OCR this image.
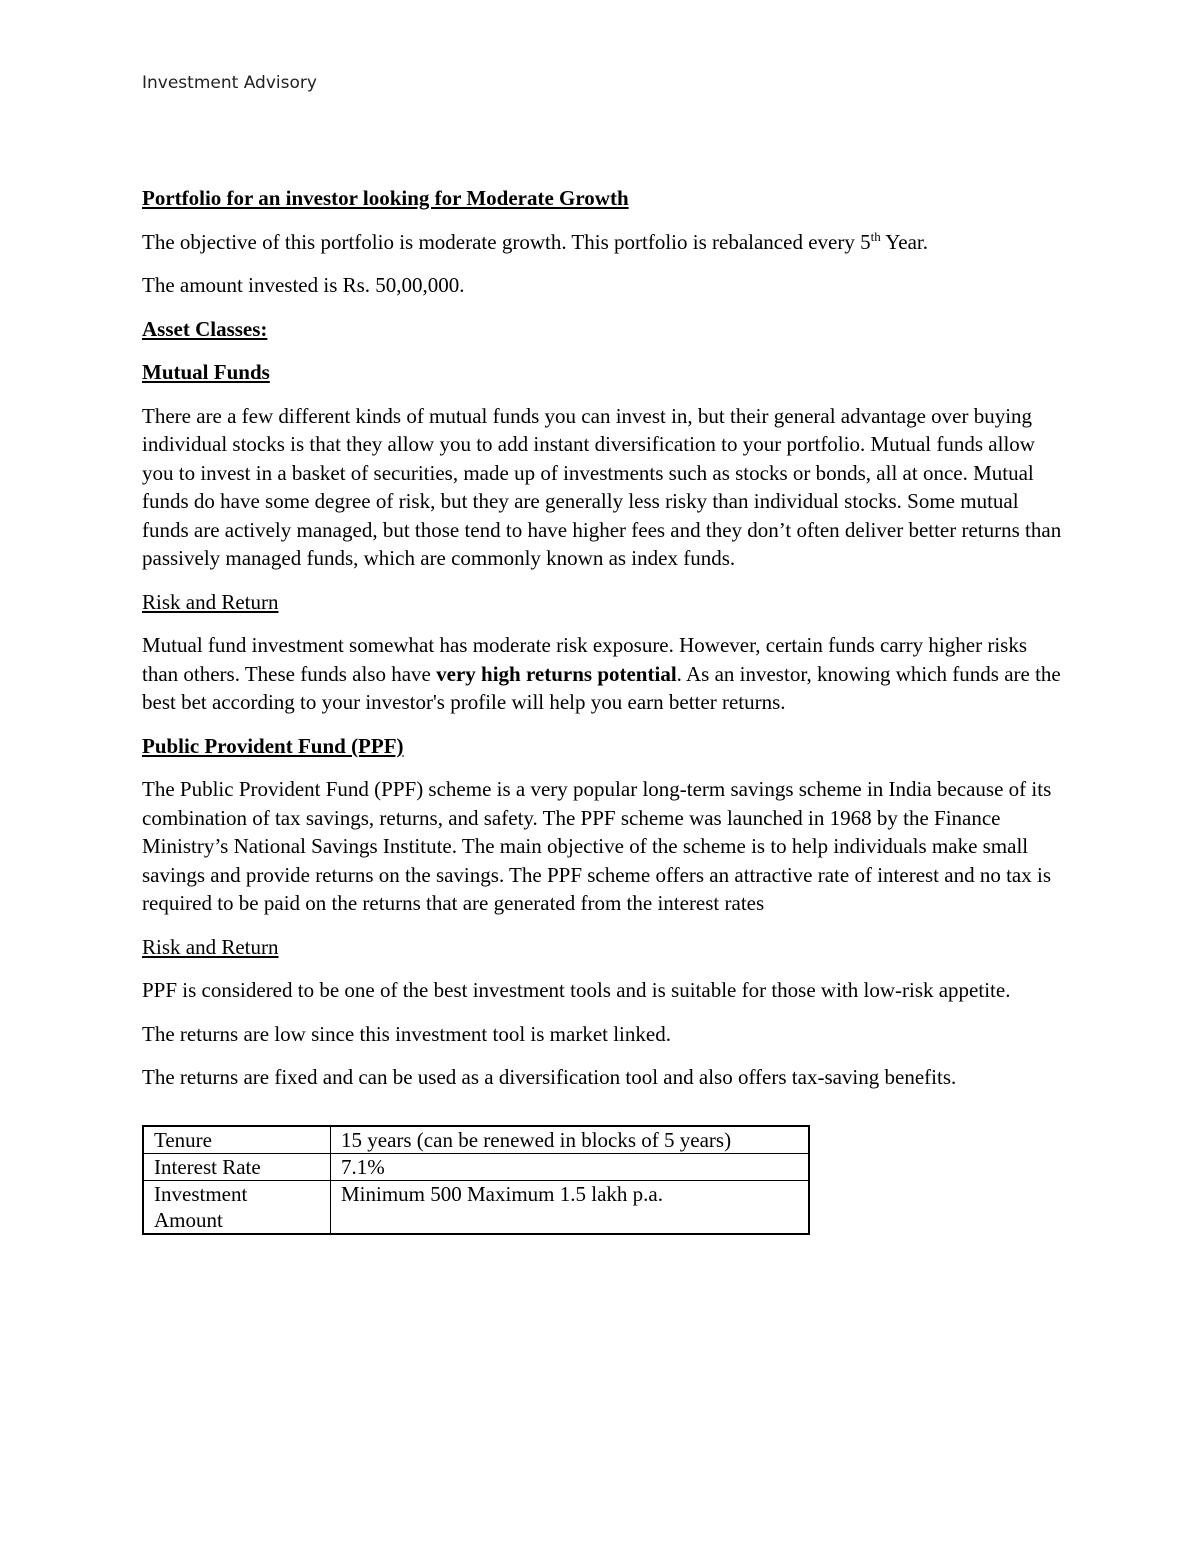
Investment Advisory

Portfolio for an investor looking for Moderate Growth

The objective of this portfolio is moderate growth. This portfolio is rebalanced every 5th Year.

The amount invested is Rs. 50,00,000.

Asset Classes:

Mutual Funds

There are a few different kinds of mutual funds you can invest in, but their general advantage over buying individual stocks is that they allow you to add instant diversification to your portfolio. Mutual funds allow you to invest in a basket of securities, made up of investments such as stocks or bonds, all at once. Mutual funds do have some degree of risk, but they are generally less risky than individual stocks. Some mutual funds are actively managed, but those tend to have higher fees and they don’t often deliver better returns than passively managed funds, which are commonly known as index funds.

Risk and Return

Mutual fund investment somewhat has moderate risk exposure. However, certain funds carry higher risks than others. These funds also have very high returns potential. As an investor, knowing which funds are the best bet according to your investor's profile will help you earn better returns.

Public Provident Fund (PPF)

The Public Provident Fund (PPF) scheme is a very popular long-term savings scheme in India because of its combination of tax savings, returns, and safety. The PPF scheme was launched in 1968 by the Finance Ministry’s National Savings Institute. The main objective of the scheme is to help individuals make small savings and provide returns on the savings. The PPF scheme offers an attractive rate of interest and no tax is required to be paid on the returns that are generated from the interest rates

Risk and Return

PPF is considered to be one of the best investment tools and is suitable for those with low-risk appetite.

The returns are low since this investment tool is market linked.

The returns are fixed and can be used as a diversification tool and also offers tax-saving benefits.

Tenure	15 years (can be renewed in blocks of 5 years)
Interest Rate	7.1%
Investment Amount	Minimum 500 Maximum 1.5 lakh p.a.
